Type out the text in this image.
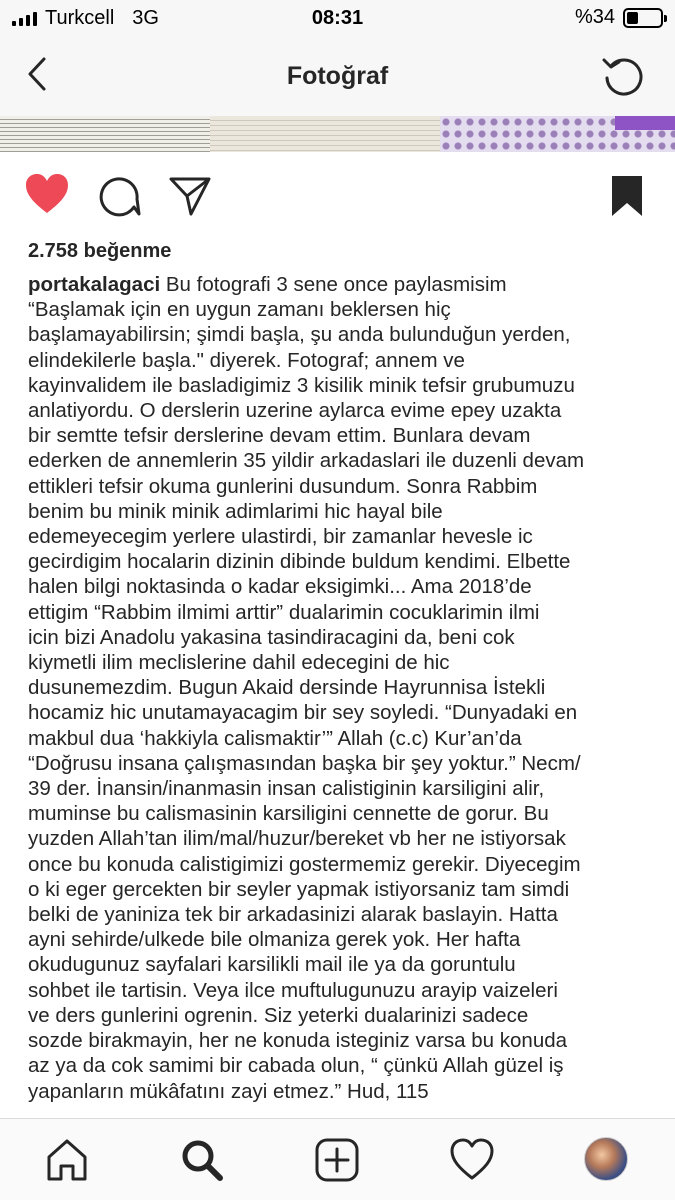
Turkcell 3G	08:31	%34
Fotoğraf
2.758 beğenme
portakalagaci Bu fotografi 3 sene once paylasmisim
“Başlamak için en uygun zamanı beklersen hiç
başlamayabilirsin; şimdi başla, şu anda bulunduğun yerden,
elindekilerle başla." diyerek. Fotograf; annem ve
kayinvalidem ile basladigimiz 3 kisilik minik tefsir grubumuzu
anlatiyordu. O derslerin uzerine aylarca evime epey uzakta
bir semtte tefsir derslerine devam ettim. Bunlara devam
ederken de annemlerin 35 yildir arkadaslari ile duzenli devam
ettikleri tefsir okuma gunlerini dusundum. Sonra Rabbim
benim bu minik minik adimlarimi hic hayal bile
edemeyecegim yerlere ulastirdi, bir zamanlar hevesle ic
gecirdigim hocalarin dizinin dibinde buldum kendimi. Elbette
halen bilgi noktasinda o kadar eksigimki... Ama 2018’de
ettigim “Rabbim ilmimi arttir” dualarimin cocuklarimin ilmi
icin bizi Anadolu yakasina tasindiracagini da, beni cok
kiymetli ilim meclislerine dahil edecegini de hic
dusunemezdim. Bugun Akaid dersinde Hayrunnisa İstekli
hocamiz hic unutamayacagim bir sey soyledi. “Dunyadaki en
makbul dua ‘hakkiyla calismaktir’” Allah (c.c) Kur’an’da
“Doğrusu insana çalışmasından başka bir şey yoktur.” Necm/
39 der. İnansin/inanmasin insan calistiginin karsiligini alir,
muminse bu calismasinin karsiligini cennette de gorur. Bu
yuzden Allah’tan ilim/mal/huzur/bereket vb her ne istiyorsak
once bu konuda calistigimizi gostermemiz gerekir. Diyecegim
o ki eger gercekten bir seyler yapmak istiyorsaniz tam simdi
belki de yaniniza tek bir arkadasinizi alarak baslayin. Hatta
ayni sehirde/ulkede bile olmaniza gerek yok. Her hafta
okudugunuz sayfalari karsilikli mail ile ya da goruntulu
sohbet ile tartisin. Veya ilce muftulugunuzu arayip vaizeleri
ve ders gunlerini ogrenin. Siz yeterki dualarinizi sadece
sozde birakmayin, her ne konuda isteginiz varsa bu konuda
az ya da cok samimi bir cabada olun, “ çünkü Allah güzel iş
yapanların mükâfatını zayi etmez.” Hud, 115
